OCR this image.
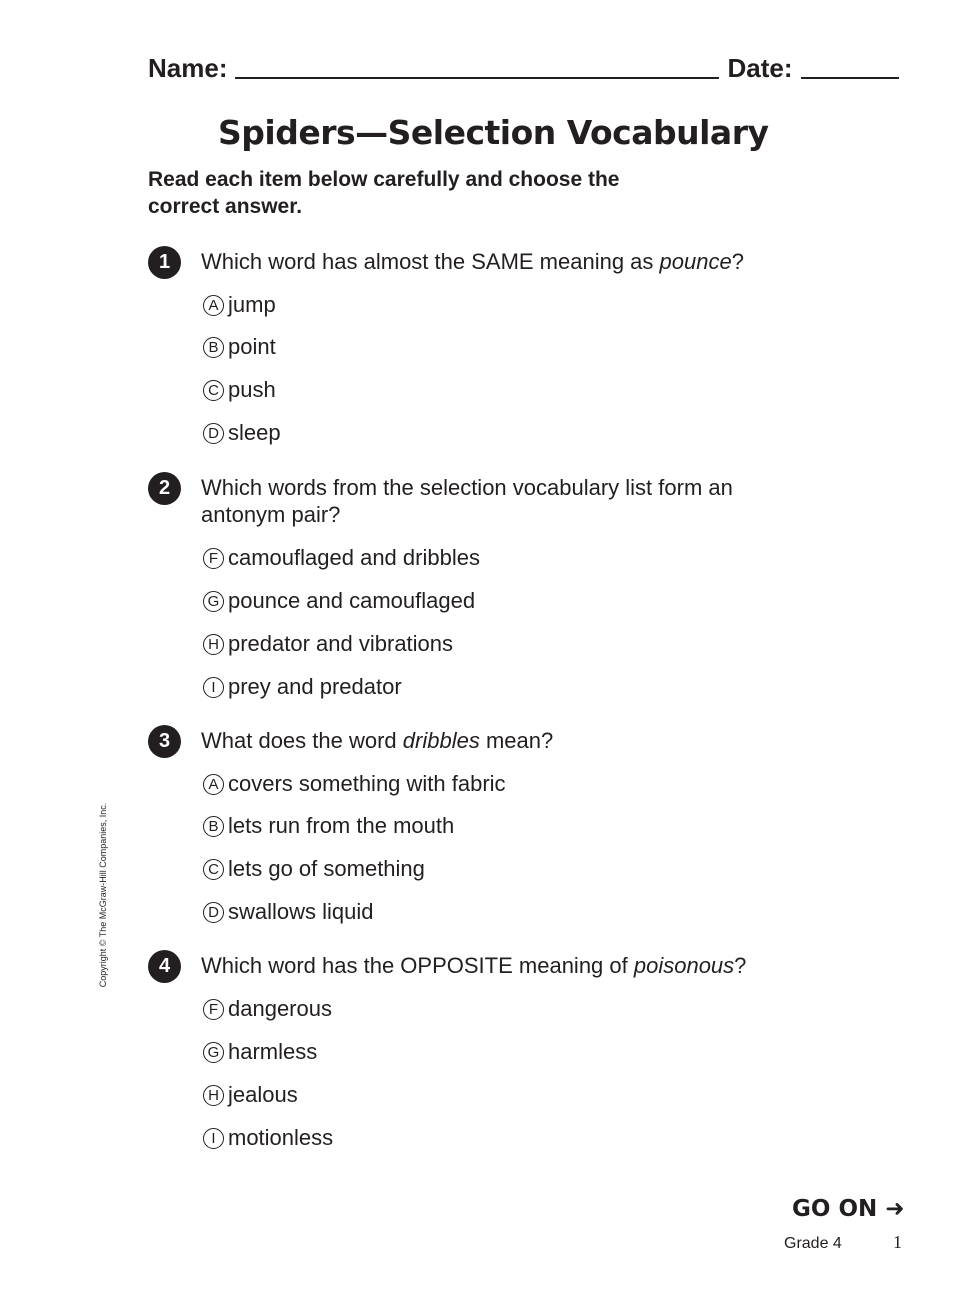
Name:	Date:
Spiders—Selection Vocabulary
Read each item below carefully and choose the correct answer.
1	Which word has almost the SAME meaning as pounce?
A jump
B point
C push
D sleep
2	Which words from the selection vocabulary list form an antonym pair?
F camouflaged and dribbles
G pounce and camouflaged
H predator and vibrations
I prey and predator
3	What does the word dribbles mean?
A covers something with fabric
B lets run from the mouth
C lets go of something
D swallows liquid
4	Which word has the OPPOSITE meaning of poisonous?
F dangerous
G harmless
H jealous
I motionless
Copyright © The McGraw-Hill Companies, Inc.
GO ON ➜
Grade 4	1
